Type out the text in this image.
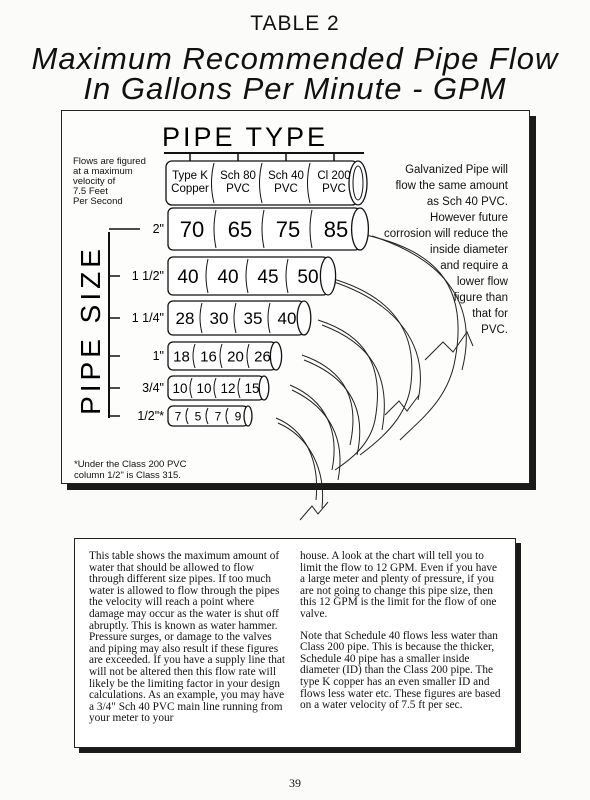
TABLE 2
Maximum Recommended Pipe Flow
In Gallons Per Minute - GPM
PIPE TYPE
Type K
Copper
Sch 80
PVC
Sch 40
PVC
Cl 200
PVC
PIPE SIZE
2" 70 65 75 85
1 1/2" 40 40 45 50
1 1/4" 28 30 35 40
1" 18 16 20 26
3/4" 10 10 12 15
1/2"* 7 5 7 9
Flows are figured
at a maximum
velocity of
7.5 Feet
Per Second
Galvanized Pipe will
flow the same amount
as Sch 40 PVC.
However future
corrosion will reduce the
inside diameter
and require a
lower flow
figure than
that for
PVC.
*Under the Class 200 PVC
column 1/2" is Class 315.

This table shows the maximum amount of water that should be allowed to flow through different size pipes. If too much water is allowed to flow through the pipes the velocity will reach a point where damage may occur as the water is shut off abruptly. This is known as water hammer. Pressure surges, or damage to the valves and piping may also result if these figures are exceeded. If you have a supply line that will not be altered then this flow rate will likely be the limiting factor in your design calculations. As an example, you may have a 3/4" Sch 40 PVC main line running from your meter to your

house. A look at the chart will tell you to limit the flow to 12 GPM. Even if you have a large meter and plenty of pressure, if you are not going to change this pipe size, then this 12 GPM is the limit for the flow of one valve.

Note that Schedule 40 flows less water than Class 200 pipe. This is because the thicker, Schedule 40 pipe has a smaller inside diameter (ID) than the Class 200 pipe. The type K copper has an even smaller ID and flows less water etc. These figures are based on a water velocity of 7.5 ft per sec.

39
